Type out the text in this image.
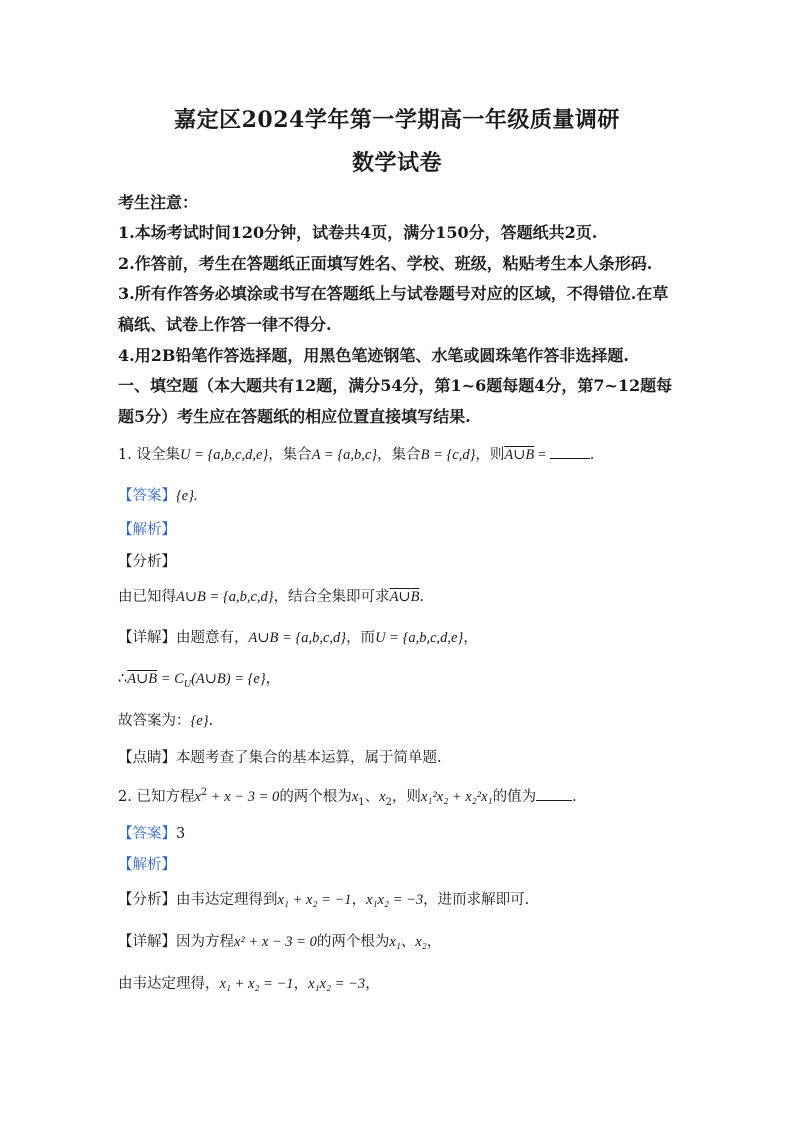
嘉定区2024学年第一学期高一年级质量调研
数学试卷
考生注意：
1.本场考试时间120分钟，试卷共4页，满分150分，答题纸共2页.
2.作答前，考生在答题纸正面填写姓名、学校、班级，粘贴考生本人条形码.
3.所有作答务必填涂或书写在答题纸上与试卷题号对应的区域，不得错位.在草
稿纸、试卷上作答一律不得分.
4.用2B铅笔作答选择题，用黑色笔迹钢笔、水笔或圆珠笔作答非选择题.
一、填空题（本大题共有12题，满分54分，第1~6题每题4分，第7~12题每
题5分）考生应在答题纸的相应位置直接填写结果.
1. 设全集U = {a,b,c,d,e}，集合A = {a,b,c}，集合B = {c,d}，则A∪B =	.
【答案】{e}.
【解析】
【分析】
由已知得A∪B = {a,b,c,d}，结合全集即可求A∪B.
【详解】由题意有，A∪B = {a,b,c,d}，而U = {a,b,c,d,e}，
∴A∪B = $C_U(A\cup B) = \{e\}$，
故答案为：{e}.
【点睛】本题考查了集合的基本运算，属于简单题.
2. 已知方程$x^2 + x - 3 = 0$的两个根为$x_1$、$x_2$，则x₁²x₂ + x₂²x₁的值为 .
【答案】3
【解析】
【分析】由韦达定理得到x₁ + x₂ = −1，x₁x₂ = −3，进而求解即可.
【详解】因为方程x² + x − 3 = 0的两个根为x₁、x₂，
由韦达定理得，x₁ + x₂ = −1，x₁x₂ = −3，
